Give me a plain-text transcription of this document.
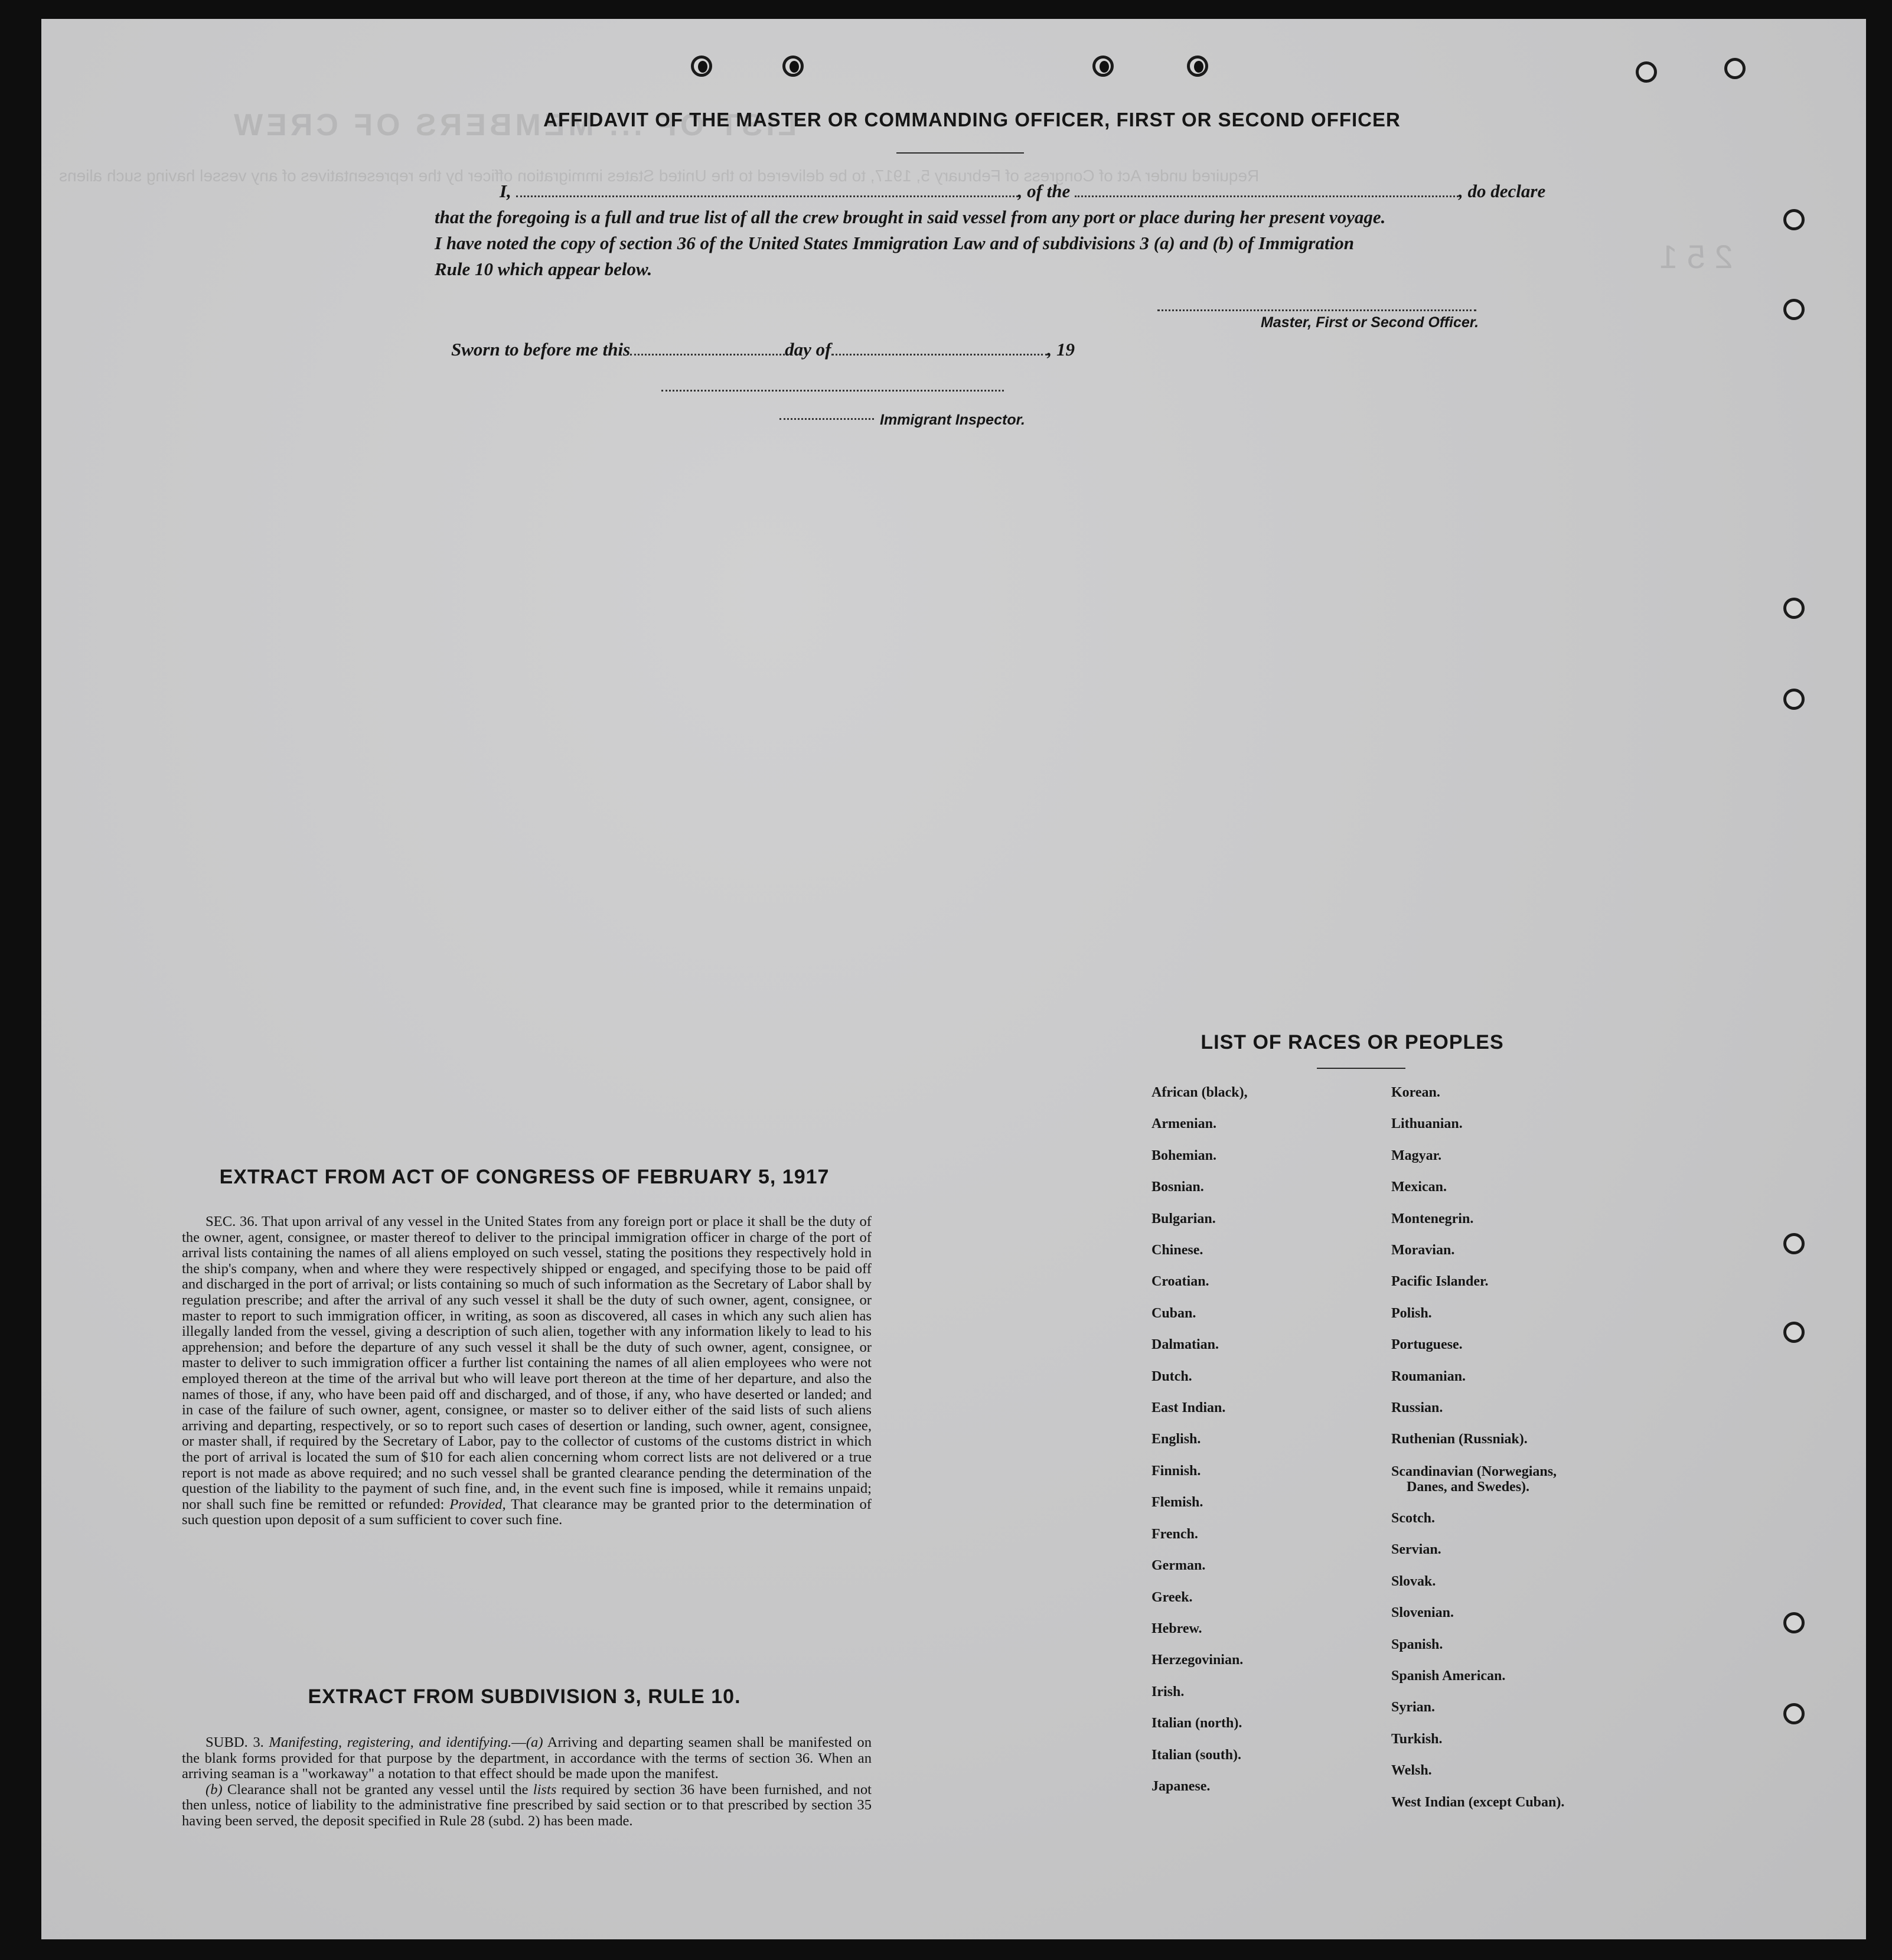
LIST OF ... MEMBERS OF CREW
Required under Act of Congress of February 5, 1917, to be delivered to the United States immigration officer by the representatives of any vessel having such aliens
2 5 1
AFFIDAVIT OF THE MASTER OR COMMANDING OFFICER, FIRST OR SECOND OFFICER
I,	, of the	, do declare
that the foregoing is a full and true list of all the crew brought in said vessel from any port or place during her present voyage.
I have noted the copy of section 36 of the United States Immigration Law and of subdivisions 3 (a) and (b) of Immigration
Rule 10 which appear below.
Master, First or Second Officer.
Sworn to before me this	day of	, 19
Immigrant Inspector.
EXTRACT FROM ACT OF CONGRESS OF FEBRUARY 5, 1917

SEC. 36. That upon arrival of any vessel in the United States from any foreign port or place it shall be the duty of the owner, agent, consignee, or master thereof to deliver to the principal immigration officer in charge of the port of arrival lists containing the names of all aliens employed on such vessel, stating the positions they respectively hold in the ship's company, when and where they were respectively shipped or engaged, and specifying those to be paid off and discharged in the port of arrival; or lists containing so much of such information as the Secretary of Labor shall by regulation prescribe; and after the arrival of any such vessel it shall be the duty of such owner, agent, consignee, or master to report to such immigration officer, in writing, as soon as discovered, all cases in which any such alien has illegally landed from the vessel, giving a description of such alien, together with any information likely to lead to his apprehension; and before the departure of any such vessel it shall be the duty of such owner, agent, consignee, or master to deliver to such immigration officer a further list containing the names of all alien employees who were not employed thereon at the time of the arrival but who will leave port thereon at the time of her departure, and also the names of those, if any, who have been paid off and discharged, and of those, if any, who have deserted or landed; and in case of the failure of such owner, agent, consignee, or master so to deliver either of the said lists of such aliens arriving and departing, respectively, or so to report such cases of desertion or landing, such owner, agent, consignee, or master shall, if required by the Secretary of Labor, pay to the collector of customs of the customs district in which the port of arrival is located the sum of $10 for each alien concerning whom correct lists are not delivered or a true report is not made as above required; and no such vessel shall be granted clearance pending the determination of the question of the liability to the payment of such fine, and, in the event such fine is imposed, while it remains unpaid; nor shall such fine be remitted or refunded: Provided, That clearance may be granted prior to the determination of such question upon deposit of a sum sufficient to cover such fine.

EXTRACT FROM SUBDIVISION 3, RULE 10.

SUBD. 3. Manifesting, registering, and identifying.—(a) Arriving and departing seamen shall be manifested on the blank forms provided for that purpose by the department, in accordance with the terms of section 36. When an arriving seaman is a "workaway" a notation to that effect should be made upon the manifest.

(b) Clearance shall not be granted any vessel until the lists required by section 36 have been furnished, and not then unless, notice of liability to the administrative fine prescribed by said section or to that prescribed by section 35 having been served, the deposit specified in Rule 28 (subd. 2) has been made.

LIST OF RACES OR PEOPLES
African (black),
Armenian.
Bohemian.
Bosnian.
Bulgarian.
Chinese.
Croatian.
Cuban.
Dalmatian.
Dutch.
East Indian.
English.
Finnish.
Flemish.
French.
German.
Greek.
Hebrew.
Herzegovinian.
Irish.
Italian (north).
Italian (south).
Japanese.
Korean.
Lithuanian.
Magyar.
Mexican.
Montenegrin.
Moravian.
Pacific Islander.
Polish.
Portuguese.
Roumanian.
Russian.
Ruthenian (Russniak).
Scandinavian (Norwegians,
Danes, and Swedes).
Scotch.
Servian.
Slovak.
Slovenian.
Spanish.
Spanish American.
Syrian.
Turkish.
Welsh.
West Indian (except Cuban).
